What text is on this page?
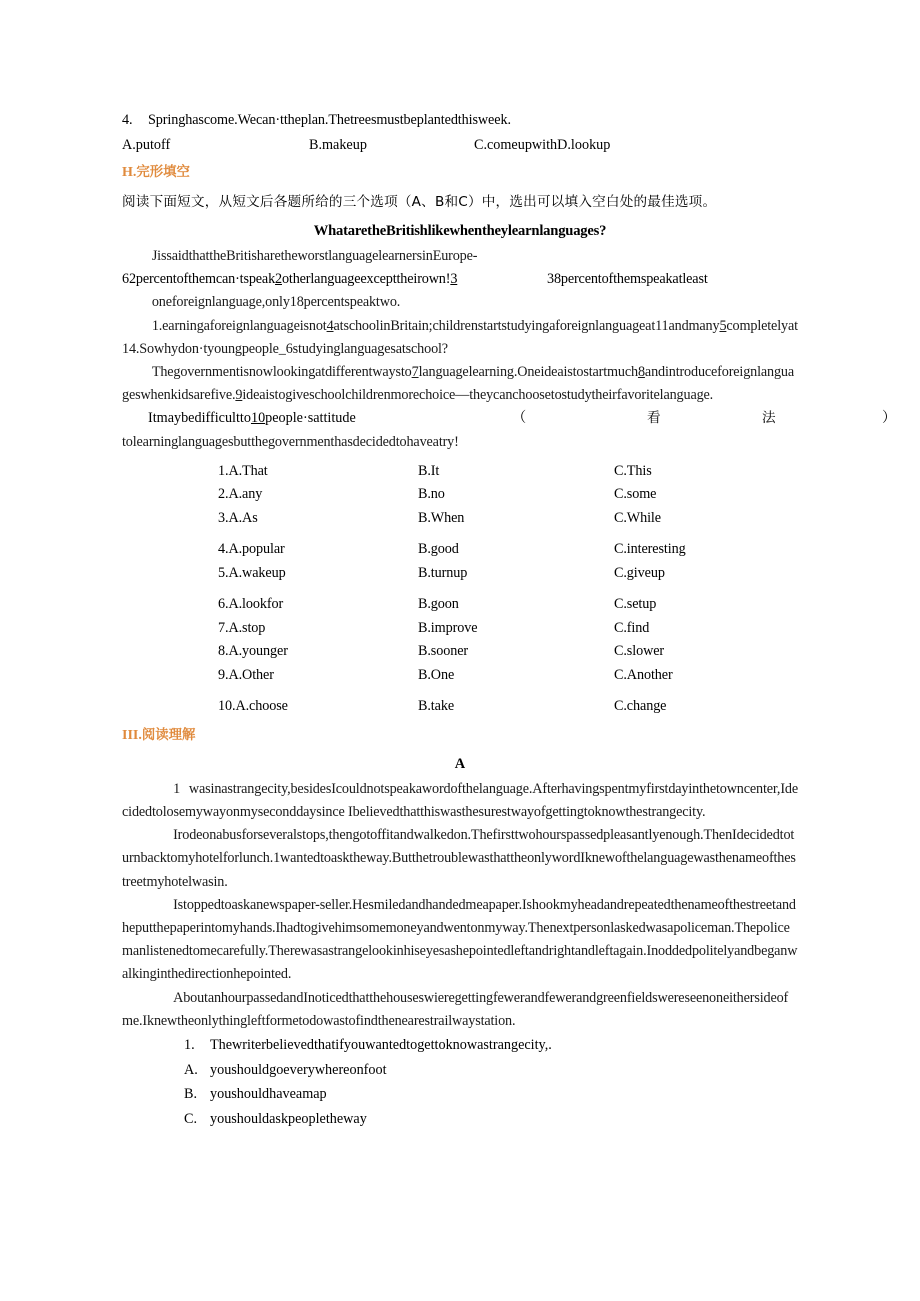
4. Springhascome.Wecan·ttheplan.Thetreesmustbeplantedthisweek.
A.putoff	B.makeup	C.comeupwithD.lookup
H.完形填空
阅读下面短文，从短文后各题所给的三个选项（A、B和C）中，选出可以填入空白处的最佳选项。
WhataretheBritishlikewhentheylearnlanguages?
JissaidthattheBritisharetheworstlanguagelearnersinEurope-
62percentofthemcan·tspeak2otherlanguageexcepttheirown!3	38percentofthemspeakatleast
oneforeignlanguage,only18percentspeaktwo.
1.earningaforeignlanguageisnot4atschoolinBritain;childrenstartstudyingaforeignlanguageat11andmany5completelyat14.Sowhydon·tyoungpeople_6studyinglanguagesatschool?
Thegovernmentisnowlookingatdifferentwaysto7languagelearning.Oneideaistostartmuch8andintroduceforeignlanguageswhenkidsarefive.9ideaistogiveschoolchildrenmorechoice—theycanchoosetostudytheirfavoritelanguage.
Itmaybedifficultto10people·sattitude	（	看	法	）
tolearninglanguagesbutthegovernmenthasdecidedtohaveatry!
1.A.That	B.It	C.This
2.A.any	B.no	C.some
3.A.As	B.When	C.While
4.A.popular	B.good	C.interesting
5.A.wakeup	B.turnup	C.giveup
6.A.lookfor	B.goon	C.setup
7.A.stop	B.improve	C.find
8.A.younger	B.sooner	C.slower
9.A.Other	B.One	C.Another
10.A.choose	B.take	C.change
III.阅读理解
A
1 wasinastrangecity,besidesIcouldnotspeakawordofthelanguage.Afterhavingspentmyfirstdayinthetowncenter,Idecidedtolosemywayonmyseconddaysince Ibelievedthatthiswasthesurestwayofgettingtoknowthestrangecity.
Irodeonabusforseveralstops,thengotoffitandwalkedon.Thefirsttwohourspassedpleasantlyenough.ThenIdecidedtoturnbacktomyhotelforlunch.1wantedtoasktheway.ButthetroublewasthattheonlywordIknewofthelanguagewasthenameofthestreetmyhotelwasin.
Istoppedtoaskanewspaper-seller.Hesmiledandhandedmeapaper.Ishookmyheadandrepeatedthenameofthestreetandheputthepaperintomyhands.Ihadtogivehimsomemoneyandwentonmyway.Thenextpersonlaskedwasapoliceman.Thepolicemanlistenedtomecarefully.Therewasastrangelookinhiseyesashepointedleftandrightandleftagain.Inoddedpolitelyandbeganwalkinginthedirectionhepointed.
AboutanhourpassedandInoticedthatthehouseswieregettingfewerandfewerandgreenfieldswereseenoneithersideofme.Iknewtheonlythingleftformetodowastofindthenearestrailwaystation.
1. Thewriterbelievedthatifyouwantedtogettoknowastrangecity,.
A. youshouldgoeverywhereonfoot
B. youshouldhaveamap
C. youshouldaskpeopletheway
